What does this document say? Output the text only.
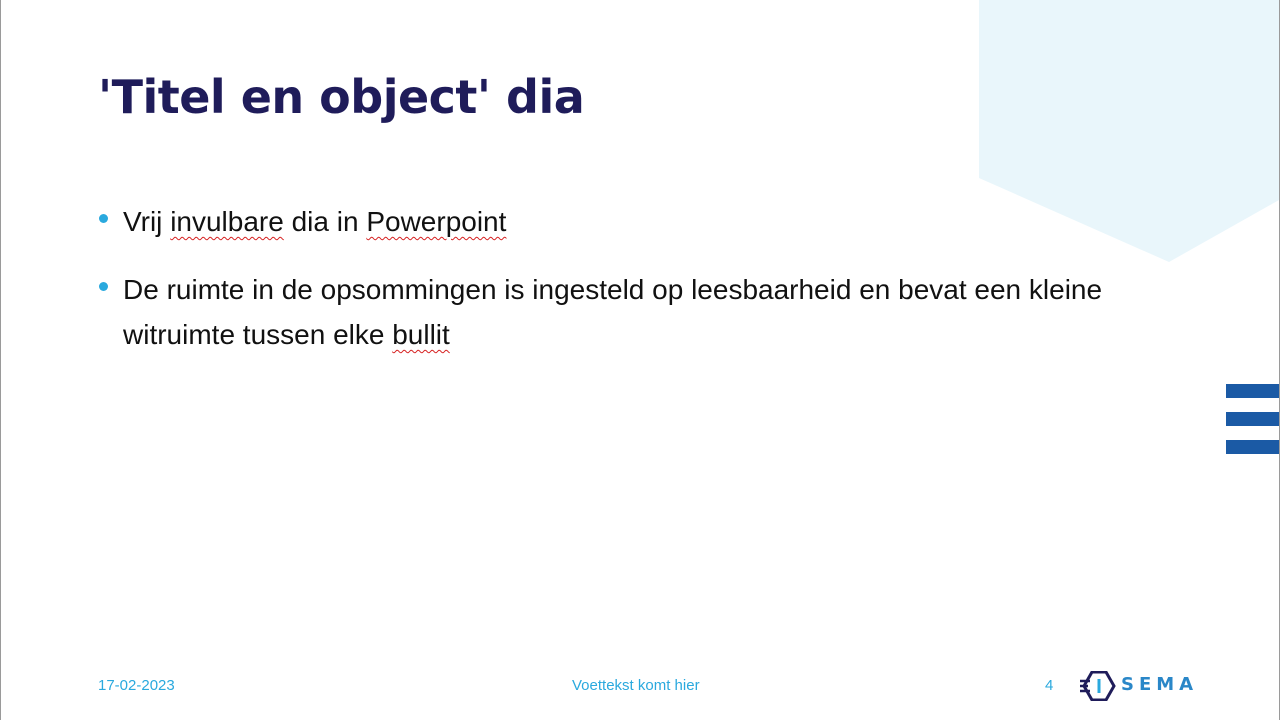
'Titel en object' dia
Vrij invulbare dia in Powerpoint
De ruimte in de opsommingen is ingesteld op leesbaarheid en bevat een kleine witruimte tussen elke bullit
17-02-2023	Voettekst komt hier	4	SEMA
